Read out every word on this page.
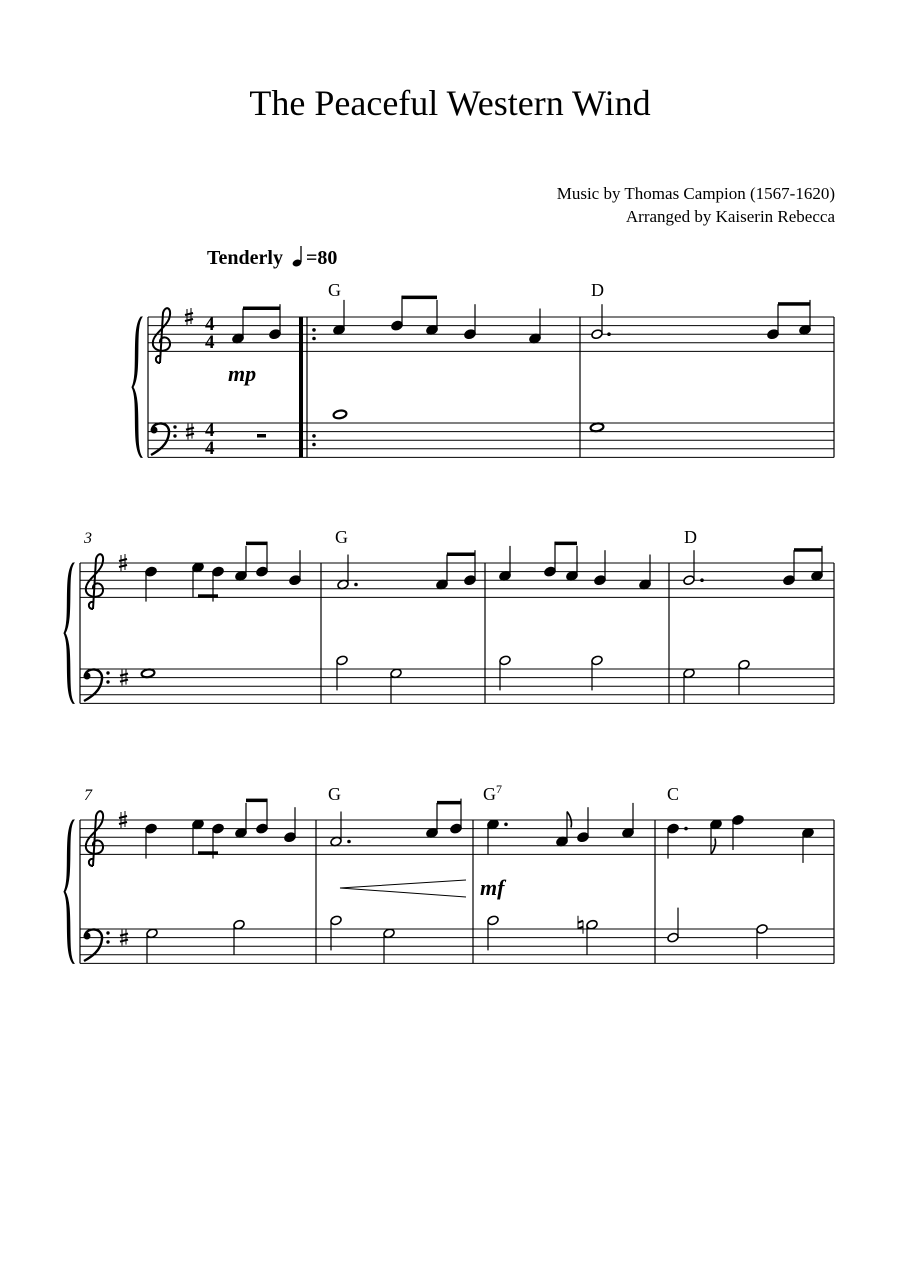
The Peaceful Western Wind
Music by Thomas Campion (1567-1620)
Arranged by Kaiserin Rebecca
Tenderly =80
G	D
mp
3	G	D
7	G	$G^7$	C
mf
4
4
4
4
